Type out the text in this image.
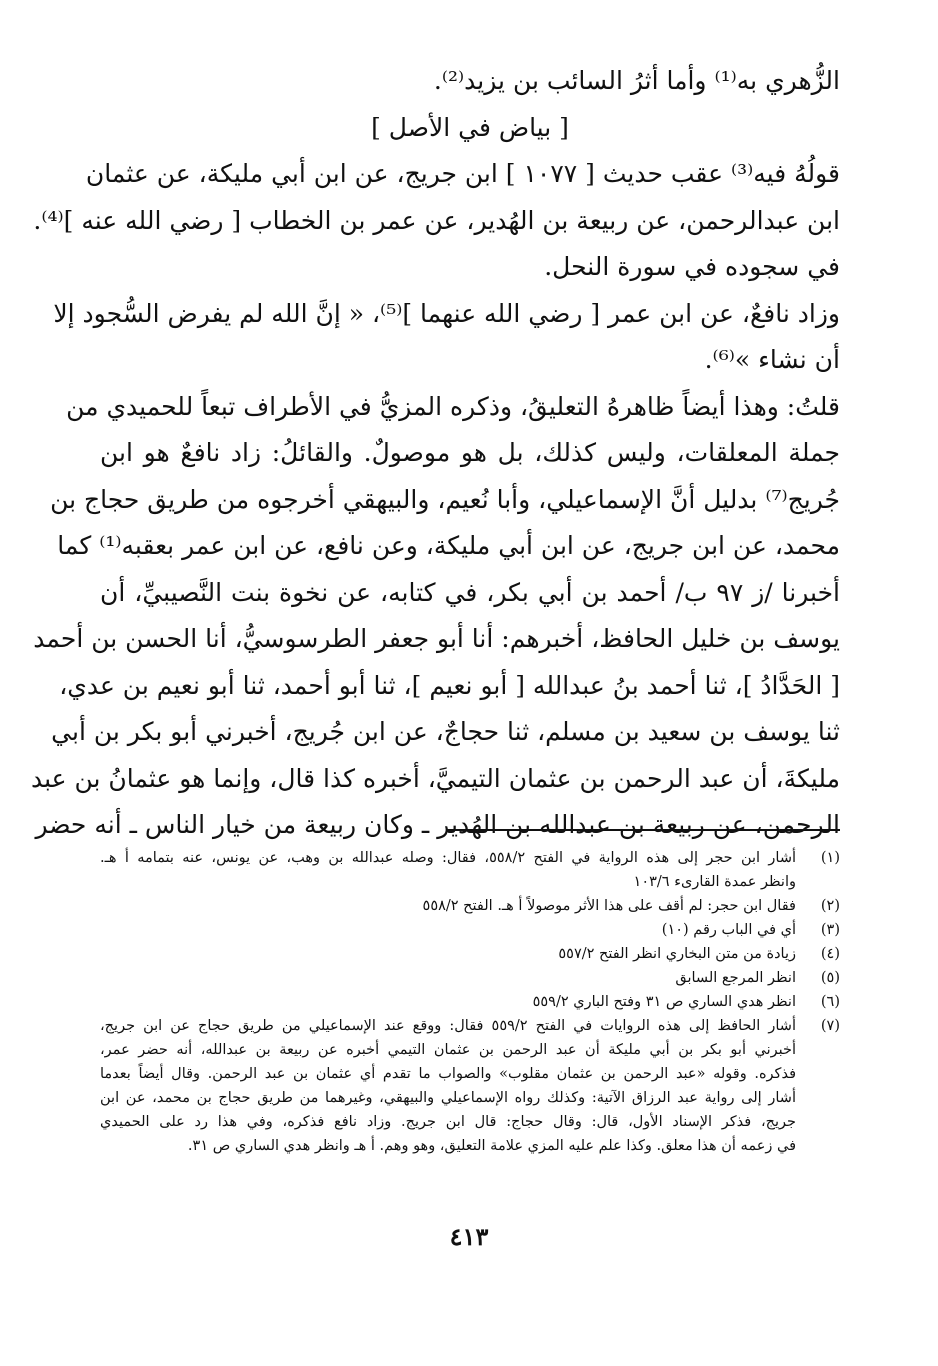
الزُّهري به⁽¹⁾ وأما أثرُ السائب بن يزيد⁽²⁾.
[ بياض في الأصل ]
قولُهُ فيه⁽³⁾ عقب حديث [ ١٠٧٧ ] ابن جريج، عن ابن أبي مليكة، عن عثمان
ابن عبدالرحمن، عن ربيعة بن الهُدير، عن عمر بن الخطاب [ رضي الله عنه ]⁽⁴⁾.
في سجوده في سورة النحل.
وزاد نافعٌ، عن ابن عمر [ رضي الله عنهما ]⁽⁵⁾، « إنَّ الله لم يفرض السُّجود إلا
أن نشاء »⁽⁶⁾.
قلتُ: وهذا أيضاً ظاهرهُ التعليقُ، وذكره المزيُّ في الأطراف تبعاً للحميدي من
جملة المعلقات، وليس كذلك، بل هو موصولٌ. والقائلُ: زاد نافعٌ هو ابن
جُريج⁽⁷⁾ بدليل أنَّ الإسماعيلي، وأبا نُعيم، والبيهقي أخرجوه من طريق حجاج بن
محمد، عن ابن جريج، عن ابن أبي مليكة، وعن نافع، عن ابن عمر بعقبه⁽¹⁾ كما
أخبرنا /ز ٩٧ ب/ أحمد بن أبي بكر، في كتابه، عن نخوة بنت النَّصيبيِّ، أن
يوسف بن خليل الحافظ، أخبرهم: أنا أبو جعفر الطرسوسيُّ، أنا الحسن بن أحمد
[ الحَدَّادُ ]، ثنا أحمد بنُ عبدالله [ أبو نعيم ]، ثنا أبو أحمد، ثنا أبو نعيم بن عدي،
ثنا يوسف بن سعيد بن مسلم، ثنا حجاجٌ، عن ابن جُريج، أخبرني أبو بكر بن أبي
مليكةَ، أن عبد الرحمن بن عثمان التيميَّ، أخبره كذا قال، وإنما هو عثمانُ بن عبد
الرحمن، عن ربيعة بن عبدالله بن الهُدير ـ وكان ربيعة من خيار الناس ـ أنه حضر
(١)
أشار ابن حجر إلى هذه الرواية في الفتح ٥٥٨/٢، فقال: وصله عبدالله بن وهب، عن يونس، عنه بتمامه أ هـ.
وانظر عمدة القارىء ١٠٣/٦
(٢)
فقال ابن حجر: لم أقف على هذا الأثر موصولاً أ هـ. الفتح ٥٥٨/٢
(٣)
أي في الباب رقم (١٠)
(٤)
زيادة من متن البخاري انظر الفتح ٥٥٧/٢
(٥)
انظر المرجع السابق
(٦)
انظر هدي الساري ص ٣١ وفتح الباري ٥٥٩/٢
(٧)
أشار الحافظ إلى هذه الروايات في الفتح ٥٥٩/٢ فقال: ووقع عند الإسماعيلي من طريق حجاج عن ابن جريج،
أخبرني أبو بكر بن أبي مليكة أن عبد الرحمن بن عثمان التيمي أخبره عن ربيعة بن عبدالله، أنه حضر عمر،
فذكره. وقوله «عبد الرحمن بن عثمان مقلوب» والصواب ما تقدم أي عثمان بن عبد الرحمن. وقال أيضاً بعدما
أشار إلى رواية عبد الرزاق الآتية: وكذلك رواه الإسماعيلي والبيهقي، وغيرهما من طريق حجاج بن محمد، عن ابن
جريج، فذكر الإسناد الأول، قال: وقال حجاج: قال ابن جريج. وزاد نافع فذكره، وفي هذا رد على الحميدي
في زعمه أن هذا معلق. وكذا علم عليه المزي علامة التعليق، وهو وهم. أ هـ وانظر هدي الساري ص ٣١.
٤١٣
